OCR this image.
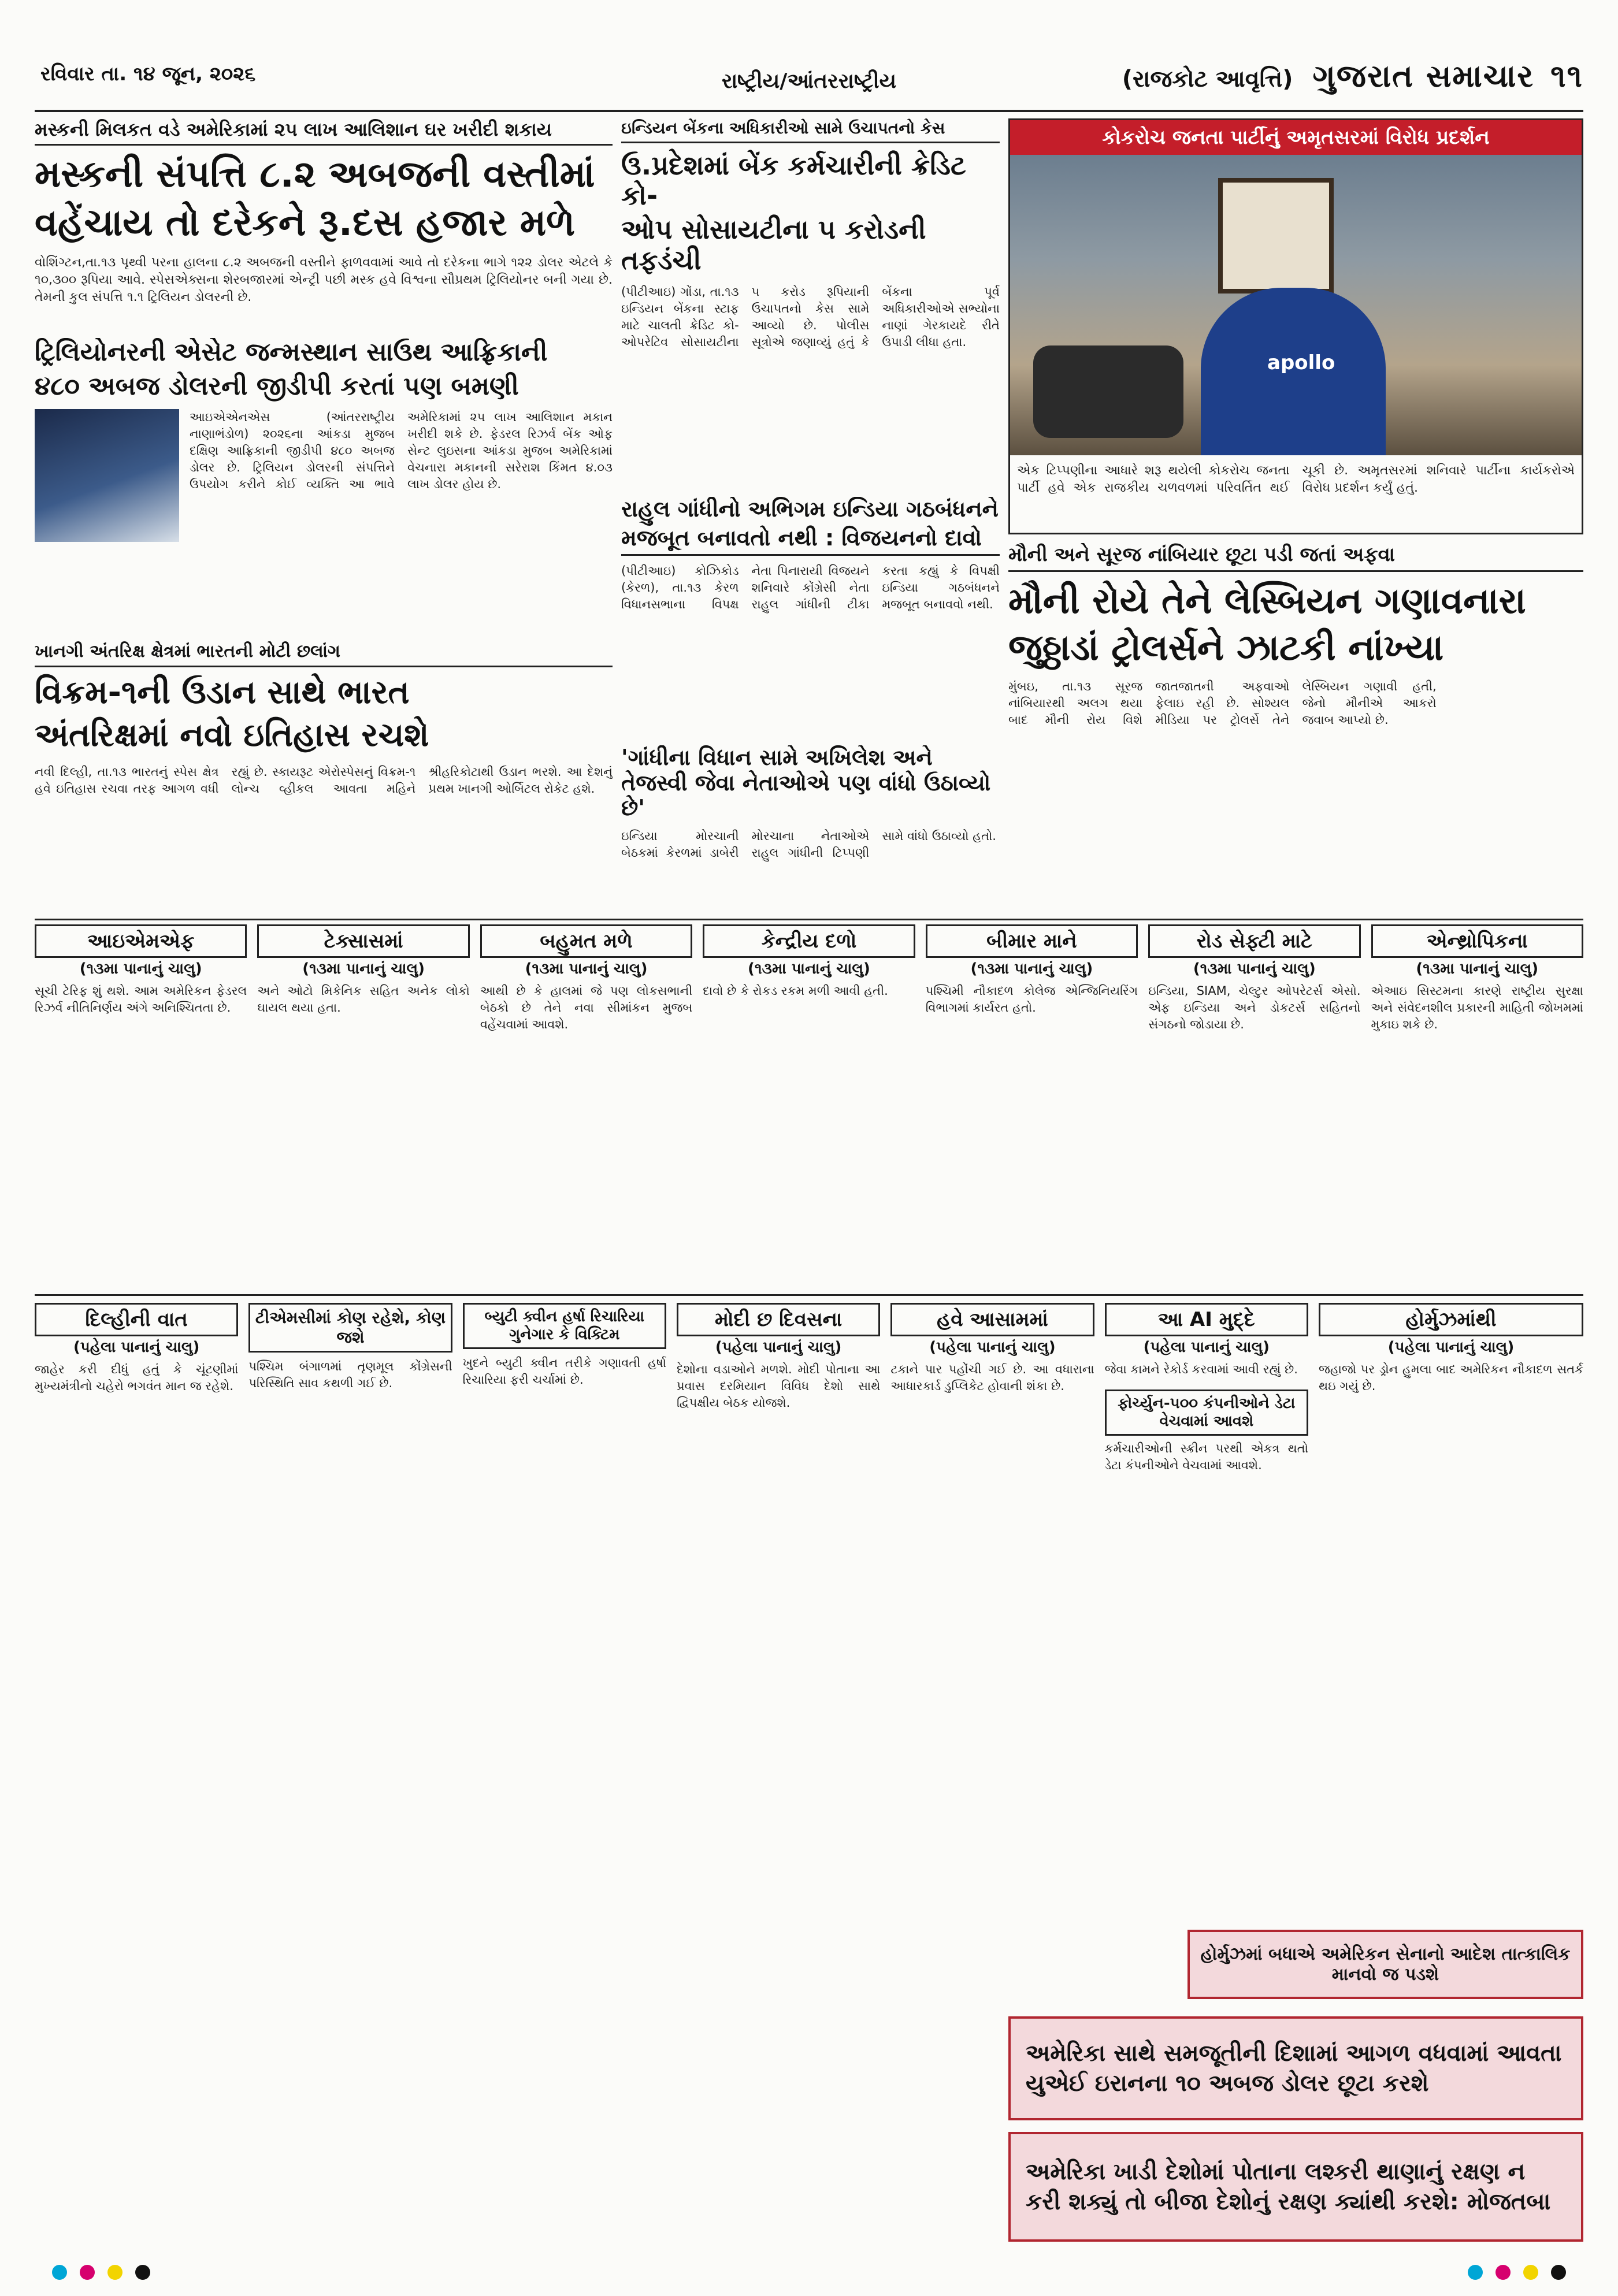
રવિવાર તા. ૧૪ જૂન, ૨૦૨૬	રાષ્ટ્રીય/આંતરરાષ્ટ્રીય	(રાજકોટ આવૃત્તિ) ગુજરાત સમાચાર ૧૧
મસ્કની મિલકત વડે અમેરિકામાં ૨૫ લાખ આલિશાન ઘર ખરીદી શકાય
મસ્કની સંપત્તિ ૮.૨ અબજની વસ્તીમાં
વહેંચાય તો દરેકને રૂ.દસ હજાર મળે
વોશિંગ્ટન,તા.૧૩ પૃથ્વી પરના હાલના ૮.૨ અબજની વસ્તીને ફાળવવામાં આવે તો દરેકના ભાગે ૧૨૨ ડોલર એટલે કે ૧૦,૩૦૦ રૂપિયા આવે. સ્પેસએક્સના શેરબજારમાં એન્ટ્રી પછી મસ્ક હવે વિશ્વના સૌપ્રથમ ટ્રિલિયોનર બની ગયા છે. તેમની કુલ સંપત્તિ ૧.૧ ટ્રિલિયન ડોલરની છે.
ટ્રિલિયોનરની એસેટ જન્મસ્થાન સાઉથ આફ્રિકાની
૪૮૦ અબજ ડોલરની જીડીપી કરતાં પણ બમણી
આઇએએનએસ (આંતરરાષ્ટ્રીય નાણાભંડોળ) ૨૦૨૬ના આંકડા મુજબ દક્ષિણ આફ્રિકાની જીડીપી ૪૮૦ અબજ ડોલર છે. ટ્રિલિયન ડોલરની સંપત્તિને ઉપયોગ કરીને કોઈ વ્યક્તિ આ ભાવે અમેરિકામાં ૨૫ લાખ આલિશાન મકાન ખરીદી શકે છે. ફેડરલ રિઝર્વ બેંક ઓફ સેન્ટ લુઇસના આંકડા મુજબ અમેરિકામાં વેચનારા મકાનની સરેરાશ કિંમત ૪.૦૩ લાખ ડોલર હોય છે.
ખાનગી અંતરિક્ષ ક્ષેત્રમાં ભારતની મોટી છલાંગ
વિક્રમ-૧ની ઉડાન સાથે ભારત
અંતરિક્ષમાં નવો ઇતિહાસ રચશે
નવી દિલ્હી, તા.૧૩ ભારતનું સ્પેસ ક્ષેત્ર હવે ઇતિહાસ રચવા તરફ આગળ વધી રહ્યું છે. સ્કાયરૂટ એરોસ્પેસનું વિક્રમ-૧ લોન્ચ વ્હીકલ આવતા મહિને શ્રીહરિકોટાથી ઉડાન ભરશે. આ દેશનું પ્રથમ ખાનગી ઓર્બિટલ રોકેટ હશે.
ઇન્ડિયન બેંકના અધિકારીઓ સામે ઉચાપતનો કેસ
ઉ.પ્રદેશમાં બેંક કર્મચારીની ક્રેડિટ કો-
ઓપ સોસાયટીના ૫ કરોડની તફડંચી
(પીટીઆઇ) ગોંડા, તા.૧૩ ઇન્ડિયન બેંકના સ્ટાફ માટે ચાલતી ક્રેડિટ કો-ઓપરેટિવ સોસાયટીના ૫ કરોડ રૂપિયાની ઉચાપતનો કેસ સામે આવ્યો છે. પોલીસ સૂત્રોએ જણાવ્યું હતું કે બેંકના પૂર્વ અધિકારીઓએ સભ્યોના નાણાં ગેરકાયદે રીતે ઉપાડી લીધા હતા.
રાહુલ ગાંધીનો અભિગમ ઇન્ડિયા ગઠબંધનને
મજબૂત બનાવતો નથી : વિજયનનો દાવો
(પીટીઆઇ) કોઝિકોડ (કેરળ), તા.૧૩ કેરળ વિધાનસભાના વિપક્ષ નેતા પિનારાયી વિજયને શનિવારે કોંગ્રેસી નેતા રાહુલ ગાંધીની ટીકા કરતા કહ્યું કે વિપક્ષી ઇન્ડિયા ગઠબંધનને મજબૂત બનાવવો નથી.
'ગાંધીના વિધાન સામે અખિલેશ અને તેજસ્વી જેવા નેતાઓએ પણ વાંધો ઉઠાવ્યો છે'
ઇન્ડિયા મોરચાની બેઠકમાં કેરળમાં ડાબેરી મોરચાના નેતાઓએ રાહુલ ગાંધીની ટિપ્પણી સામે વાંધો ઉઠાવ્યો હતો.
કોકરોચ જનતા પાર્ટીનું અમૃતસરમાં વિરોધ પ્રદર્શન
apollo
એક ટિપ્પણીના આધારે શરૂ થયેલી કોકરોચ જનતા પાર્ટી હવે એક રાજકીય ચળવળમાં પરિવર્તિત થઈ ચૂકી છે. અમૃતસરમાં શનિવારે પાર્ટીના કાર્યકરોએ વિરોધ પ્રદર્શન કર્યું હતું.
મૌની અને સૂરજ નાંબિયાર છૂટા પડી જતાં અફવા
મૌની રોયે તેને લેસ્બિયન ગણાવનારા
જુઠ્ઠાડાં ટ્રોલર્સને ઝાટકી નાંખ્યા
મુંબઇ, તા.૧૩ સૂરજ નાંબિયારથી અલગ થયા બાદ મૌની રોય વિશે જાતજાતની અફવાઓ ફેલાઇ રહી છે. સોશ્યલ મીડિયા પર ટ્રોલર્સે તેને લેસ્બિયન ગણાવી હતી, જેનો મૌનીએ આકરો જવાબ આપ્યો છે.
આઇએમએફ
(૧૩મા પાનાનું ચાલુ)
સૂચી ટેરિફ શું થશે. આમ અમેરિકન ફેડરલ રિઝર્વ નીતિનિર્ણય અંગે અનિશ્ચિતતા છે.
ટેક્સાસમાં
(૧૩મા પાનાનું ચાલુ)
અને ઓટો મિકેનિક સહિત અનેક લોકો ઘાયલ થયા હતા.
બહુમત મળે
(૧૩મા પાનાનું ચાલુ)
આથી છે કે હાલમાં જે પણ લોકસભાની બેઠકો છે તેને નવા સીમાંકન મુજબ વહેંચવામાં આવશે.
કેન્દ્રીય દળો
(૧૩મા પાનાનું ચાલુ)
દાવો છે કે રોકડ રકમ મળી આવી હતી.
બીમાર માને
(૧૩મા પાનાનું ચાલુ)
પશ્ચિમી નૌકાદળ કોલેજ એન્જિનિયરિંગ વિભાગમાં કાર્યરત હતો.
રોડ સેફ્ટી માટે
(૧૩મા પાનાનું ચાલુ)
ઇન્ડિયા, SIAM, ચેલ્ટુર ઓપરેટર્સ એસો. એફ ઇન્ડિયા અને ડોકટર્સ સહિતનો સંગઠનો જોડાયા છે.
એન્થ્રોપિકના
(૧૩મા પાનાનું ચાલુ)
એઆઇ સિસ્ટમના કારણે રાષ્ટ્રીય સુરક્ષા અને સંવેદનશીલ પ્રકારની માહિતી જોખમમાં મુકાઇ શકે છે.
દિલ્હીની વાત
(પહેલા પાનાનું ચાલુ)
જાહેર કરી દીધું હતું કે ચૂંટણીમાં મુખ્યમંત્રીનો ચહેરો ભગવંત માન જ રહેશે.
ટીએમસીમાં કોણ રહેશે, કોણ જશે
પશ્ચિમ બંગાળમાં તૃણમૂલ કોંગ્રેસની પરિસ્થિતિ સાવ કથળી ગઈ છે.
બ્યુટી ક્વીન હર્ષા રિચારિયા ગુનેગાર કે વિક્ટિમ
ખુદને બ્યુટી ક્વીન તરીકે ગણાવતી હર્ષા રિચારિયા ફરી ચર્ચામાં છે.
મોદી છ દિવસના
(પહેલા પાનાનું ચાલુ)
દેશોના વડાઓને મળશે. મોદી પોતાના આ પ્રવાસ દરમિયાન વિવિધ દેશો સાથે દ્વિપક્ષીય બેઠક યોજશે.
હવે આસામમાં
(પહેલા પાનાનું ચાલુ)
ટકાને પાર પહોંચી ગઈ છે. આ વધારાના આધારકાર્ડ ડુપ્લિકેટ હોવાની શંકા છે.
આ AI મુદ્દે
(પહેલા પાનાનું ચાલુ)
જેવા કામને રેકોર્ડ કરવામાં આવી રહ્યું છે.
ફોર્ચ્યુન-૫૦૦ કંપનીઓને ડેટા વેચવામાં આવશે
કર્મચારીઓની સ્ક્રીન પરથી એકત્ર થતો ડેટા કંપનીઓને વેચવામાં આવશે.
હોર્મુઝમાંથી
(પહેલા પાનાનું ચાલુ)
જહાજો પર ડ્રોન હુમલા બાદ અમેરિકન નૌકાદળ સતર્ક થઇ ગયું છે.
હોર્મુઝમાં બધાએ અમેરિકન સેનાનો આદેશ તાત્કાલિક માનવો જ પડશે
અમેરિકા સાથે સમજૂતીની દિશામાં આગળ વધવામાં આવતા યુએઈ ઇરાનના ૧૦ અબજ ડોલર છૂટા કરશે
અમેરિકા ખાડી દેશોમાં પોતાના લશ્કરી થાણાનું રક્ષણ ન કરી શક્યું તો બીજા દેશોનું રક્ષણ ક્યાંથી કરશે: મોજતબા
